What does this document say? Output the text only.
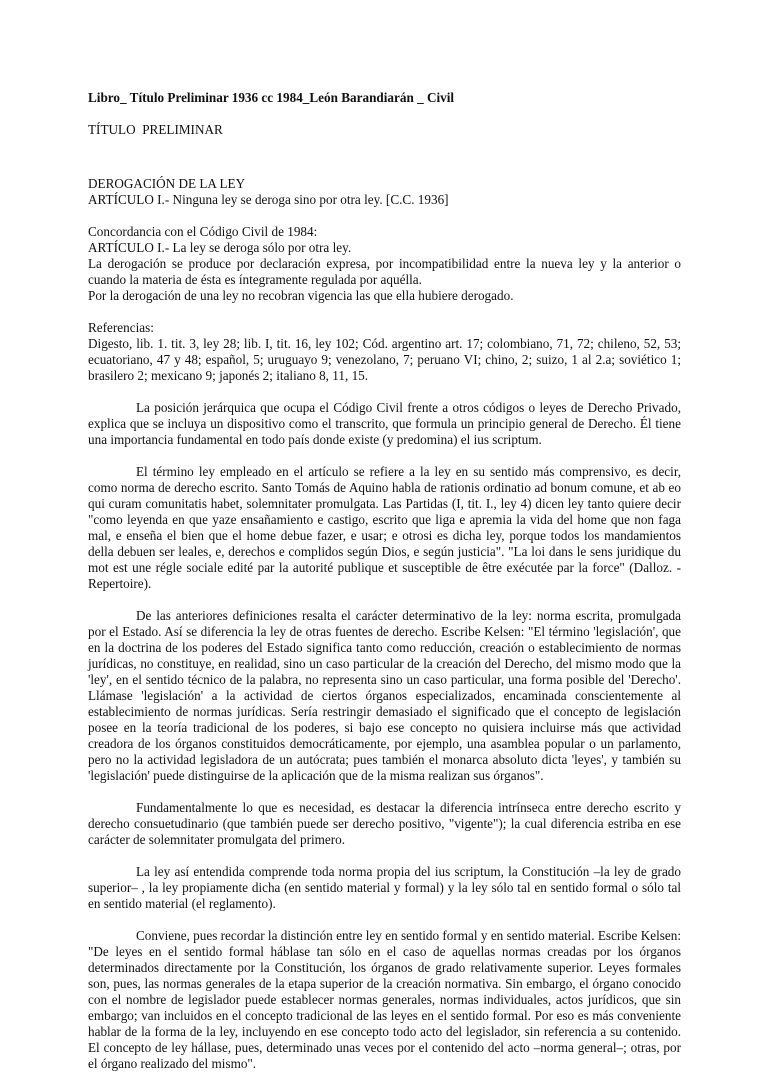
Libro_ Título Preliminar 1936 cc 1984_León Barandiarán _ Civil
TÍTULO  PRELIMINAR
DEROGACIÓN DE LA LEY
ARTÍCULO I.- Ninguna ley se deroga sino por otra ley. [C.C. 1936]
Concordancia con el Código Civil de 1984:
ARTÍCULO I.- La ley se deroga sólo por otra ley.
La derogación se produce por declaración expresa, por incompatibilidad entre la nueva ley y la anterior o cuando la materia de ésta es íntegramente regulada por aquélla.
Por la derogación de una ley no recobran vigencia las que ella hubiere derogado.
Referencias:
Digesto, lib. 1. tit. 3, ley 28; lib. I, tit. 16, ley 102; Cód. argentino art. 17; colombiano, 71, 72; chileno, 52, 53; ecuatoriano, 47 y 48; español, 5; uruguayo 9; venezolano, 7; peruano VI; chino, 2; suizo, 1 al 2.a; soviético 1; brasilero 2; mexicano 9; japonés 2; italiano 8, 11, 15.
La posición jerárquica que ocupa el Código Civil frente a otros códigos o leyes de Derecho Privado, explica que se incluya un dispositivo como el transcrito, que formula un principio general de Derecho. Él tiene una importancia fundamental en todo país donde existe (y predomina) el ius scriptum.
El término ley empleado en el artículo se refiere a la ley en su sentido más comprensivo, es decir, como norma de derecho escrito. Santo Tomás de Aquino habla de rationis ordinatio ad bonum comune, et ab eo qui curam comunitatis habet, solemnitater promulgata. Las Partidas (I, tit. I., ley 4) dicen ley tanto quiere decir "como leyenda en que yaze ensañamiento e castigo, escrito que liga e apremia la vida del home que non faga mal, e enseña el bien que el home debue fazer, e usar; e otrosi es dicha ley, porque todos los mandamientos della debuen ser leales, e, derechos e complidos según Dios, e según justicia". "La loi dans le sens juridique du mot est une régle sociale edité par la autorité publique et susceptible de être exécutée par la force" (Dalloz. - Repertoire).
De las anteriores definiciones resalta el carácter determinativo de la ley: norma escrita, promulgada por el Estado. Así se diferencia la ley de otras fuentes de derecho. Escribe Kelsen: "El término 'legislación', que en la doctrina de los poderes del Estado significa tanto como reducción, creación o establecimiento de normas jurídicas, no constituye, en realidad, sino un caso particular de la creación del Derecho, del mismo modo que la 'ley', en el sentido técnico de la palabra, no representa sino un caso particular, una forma posible del 'Derecho'. Llámase 'legislación' a la actividad de ciertos órganos especializados, encaminada conscientemente al establecimiento de normas jurídicas. Sería restringir demasiado el significado que el concepto de legislación posee en la teoría tradicional de los poderes, si bajo ese concepto no quisiera incluirse más que actividad creadora de los órganos constituidos democráticamente, por ejemplo, una asamblea popular o un parlamento, pero no la actividad legisladora de un autócrata; pues también el monarca absoluto dicta 'leyes', y también su 'legislación' puede distinguirse de la aplicación que de la misma realizan sus órganos".
Fundamentalmente lo que es necesidad, es destacar la diferencia intrínseca entre derecho escrito y derecho consuetudinario (que también puede ser derecho positivo, "vigente"); la cual diferencia estriba en ese carácter de solemnitater promulgata del primero.
La ley así entendida comprende toda norma propia del ius scriptum, la Constitución –la ley de grado superior– , la ley propiamente dicha (en sentido material y formal) y la ley sólo tal en sentido formal o sólo tal en sentido material (el reglamento).
Conviene, pues recordar la distinción entre ley en sentido formal y en sentido material. Escribe Kelsen: "De leyes en el sentido formal háblase tan sólo en el caso de aquellas normas creadas por los órganos determinados directamente por la Constitución, los órganos de grado relativamente superior. Leyes formales son, pues, las normas generales de la etapa superior de la creación normativa. Sin embargo, el órgano conocido con el nombre de legislador puede establecer normas generales, normas individuales, actos jurídicos, que sin embargo; van incluidos en el concepto tradicional de las leyes en el sentido formal. Por eso es más conveniente hablar de la forma de la ley, incluyendo en ese concepto todo acto del legislador, sin referencia a su contenido. El concepto de ley hállase, pues, determinado unas veces por el contenido del acto –norma general–; otras, por el órgano realizado del mismo".
